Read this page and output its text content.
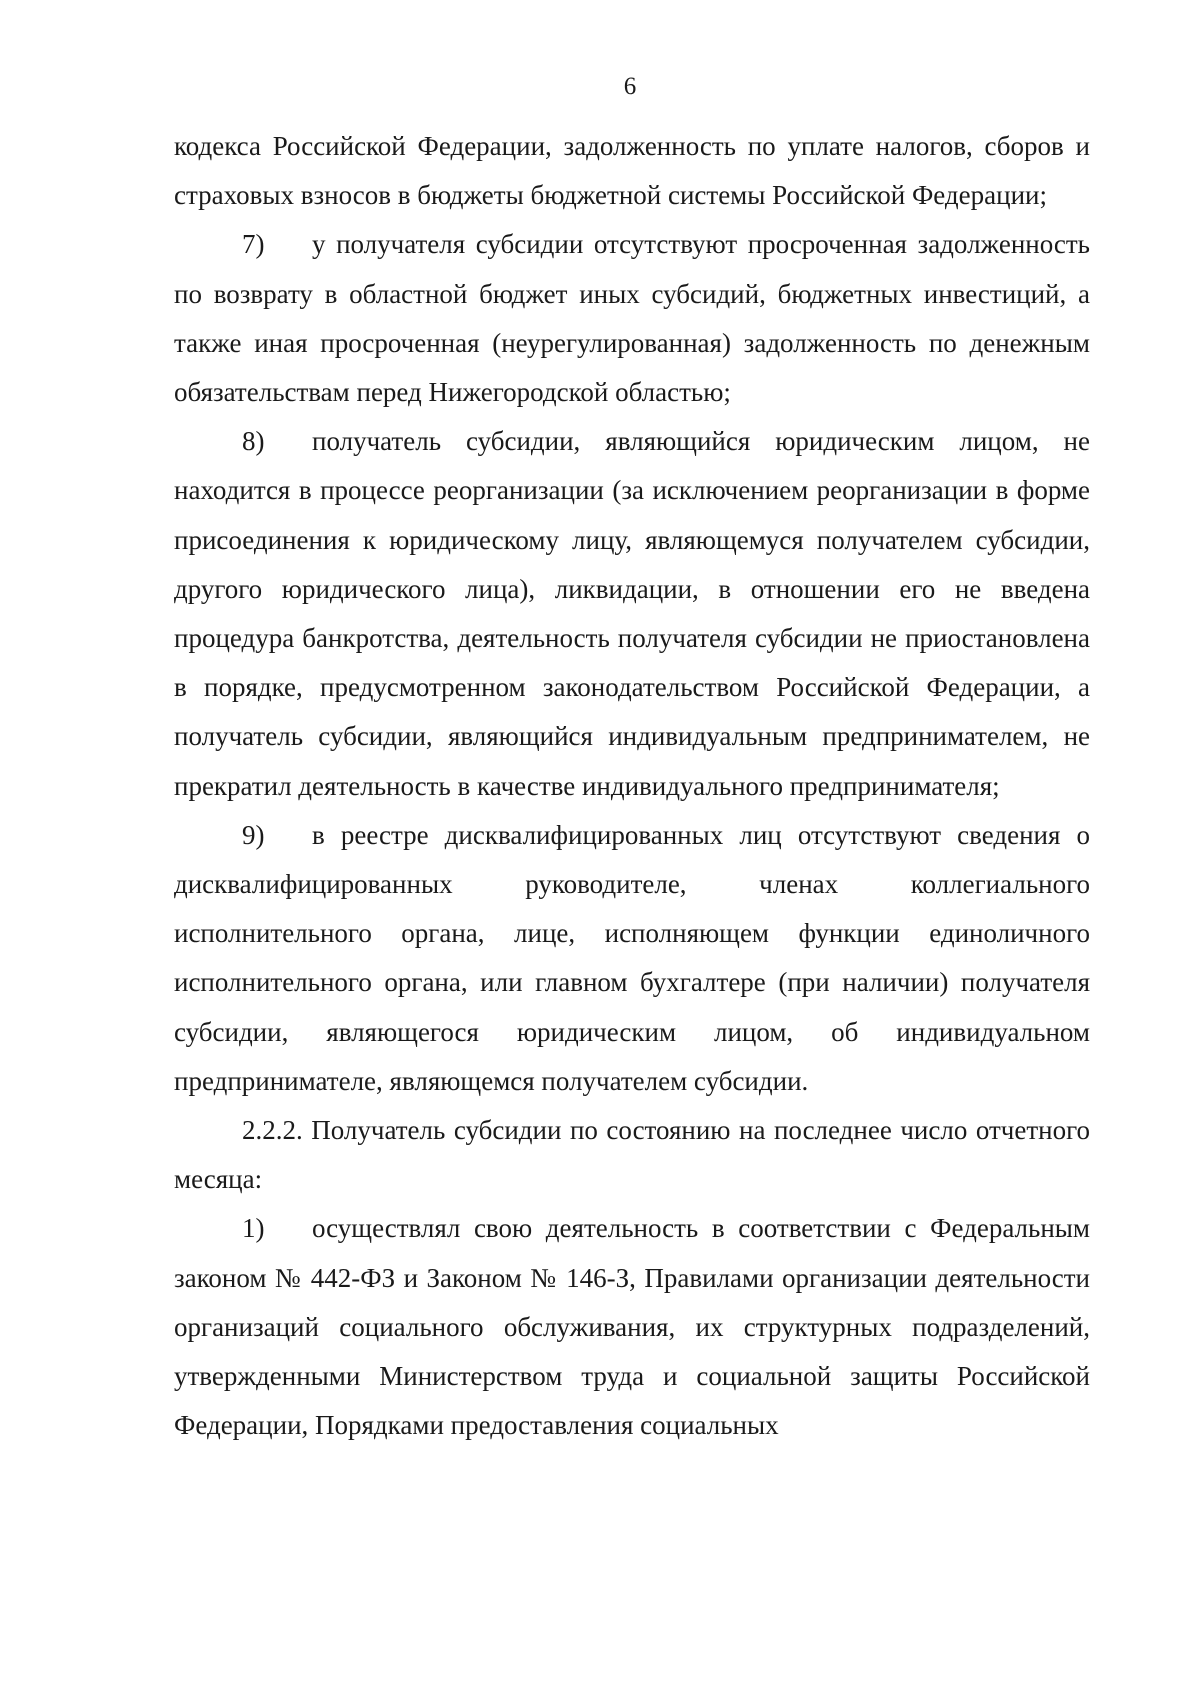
6

кодекса Российской Федерации, задолженность по уплате налогов, сборов и страховых взносов в бюджеты бюджетной системы Российской Федерации;

7) у получателя субсидии отсутствуют просроченная задолженность по возврату в областной бюджет иных субсидий, бюджетных инвестиций, а также иная просроченная (неурегулированная) задолженность по денежным обязательствам перед Нижегородской областью;

8) получатель субсидии, являющийся юридическим лицом, не находится в процессе реорганизации (за исключением реорганизации в форме присоединения к юридическому лицу, являющемуся получателем субсидии, другого юридического лица), ликвидации, в отношении его не введена процедура банкротства, деятельность получателя субсидии не приостановлена в порядке, предусмотренном законодательством Российской Федерации, а получатель субсидии, являющийся индивидуальным предпринимателем, не прекратил деятельность в качестве индивидуального предпринимателя;

9) в реестре дисквалифицированных лиц отсутствуют сведения о дисквалифицированных руководителе, членах коллегиального исполнительного органа, лице, исполняющем функции единоличного исполнительного органа, или главном бухгалтере (при наличии) получателя субсидии, являющегося юридическим лицом, об индивидуальном предпринимателе, являющемся получателем субсидии.

2.2.2. Получатель субсидии по состоянию на последнее число отчетного месяца:

1) осуществлял свою деятельность в соответствии с Федеральным законом № 442-ФЗ и Законом № 146-З, Правилами организации деятельности организаций социального обслуживания, их структурных подразделений, утвержденными Министерством труда и социальной защиты Российской Федерации, Порядками предоставления социальных
